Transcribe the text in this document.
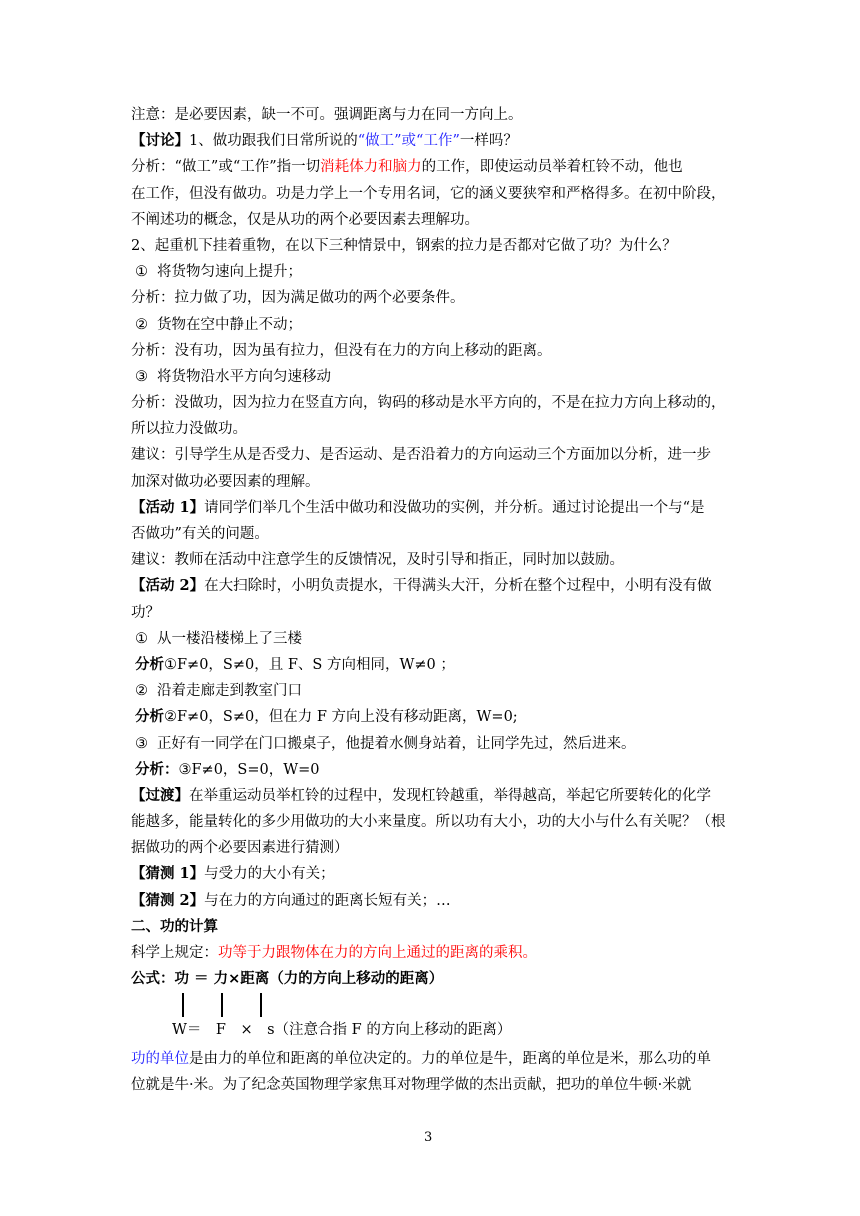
注意：是必要因素，缺一不可。强调距离与力在同一方向上。
【讨论】1、做功跟我们日常所说的“做工”或“工作”一样吗？
分析：“做工”或“工作”指一切消耗体力和脑力的工作，即使运动员举着杠铃不动，他也
在工作，但没有做功。功是力学上一个专用名词，它的涵义要狭窄和严格得多。在初中阶段，
不阐述功的概念，仅是从功的两个必要因素去理解功。
2、起重机下挂着重物，在以下三种情景中，钢索的拉力是否都对它做了功？为什么？
① 将货物匀速向上提升；
分析：拉力做了功，因为满足做功的两个必要条件。
② 货物在空中静止不动；
分析：没有功，因为虽有拉力，但没有在力的方向上移动的距离。
③ 将货物沿水平方向匀速移动
分析：没做功，因为拉力在竖直方向，钩码的移动是水平方向的，不是在拉力方向上移动的，
所以拉力没做功。
建议：引导学生从是否受力、是否运动、是否沿着力的方向运动三个方面加以分析，进一步
加深对做功必要因素的理解。
【活动 1】请同学们举几个生活中做功和没做功的实例，并分析。通过讨论提出一个与“是
否做功”有关的问题。
建议：教师在活动中注意学生的反馈情况，及时引导和指正，同时加以鼓励。
【活动 2】在大扫除时，小明负责提水，干得满头大汗，分析在整个过程中，小明有没有做
功？
① 从一楼沿楼梯上了三楼
分析①F≠0，S≠0，且 F、S 方向相同，W≠0 ；
② 沿着走廊走到教室门口
分析②F≠0，S≠0，但在力 F 方向上没有移动距离，W=0;
③ 正好有一同学在门口搬桌子，他提着水侧身站着，让同学先过，然后进来。
分析：③F≠0，S=0，W=0
【过渡】在举重运动员举杠铃的过程中，发现杠铃越重，举得越高，举起它所要转化的化学
能越多，能量转化的多少用做功的大小来量度。所以功有大小，功的大小与什么有关呢？（根
据做功的两个必要因素进行猜测）
【猜测 1】与受力的大小有关；
【猜测 2】与在力的方向通过的距离长短有关；…
二、功的计算
科学上规定：功等于力跟物体在力的方向上通过的距离的乘积。
公式：功 ＝ 力×距离（力的方向上移动的距离）
W＝　F　×　s（注意合指 F 的方向上移动的距离）
功的单位是由力的单位和距离的单位决定的。力的单位是牛，距离的单位是米，那么功的单
位就是牛·米。为了纪念英国物理学家焦耳对物理学做的杰出贡献，把功的单位牛顿·米就
3
